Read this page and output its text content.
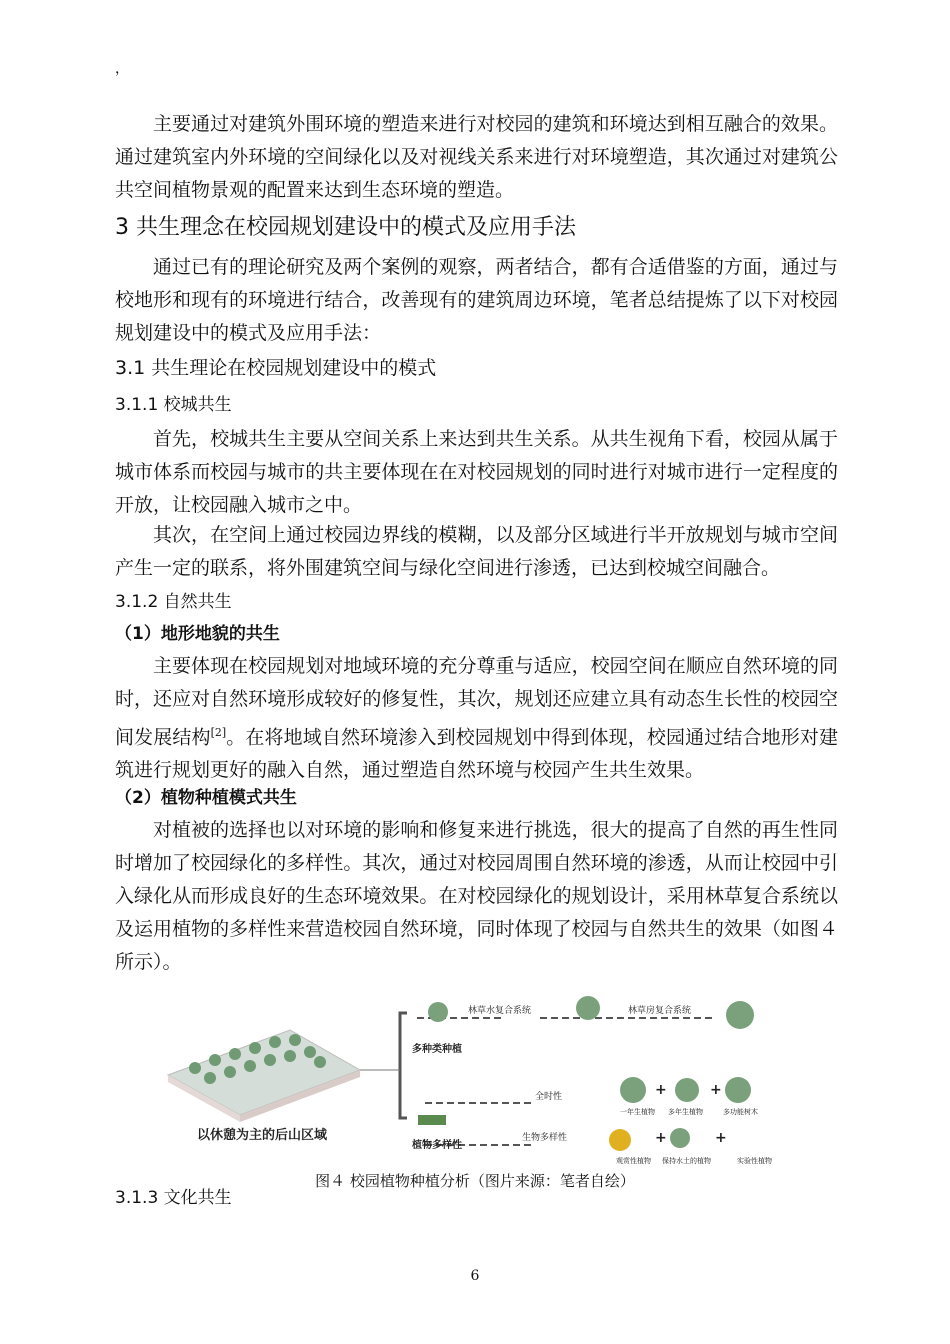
，

主要通过对建筑外围环境的塑造来进行对校园的建筑和环境达到相互融合的效果。通过建筑室内外环境的空间绿化以及对视线关系来进行对环境塑造，其次通过对建筑公共空间植物景观的配置来达到生态环境的塑造。

3 共生理念在校园规划建设中的模式及应用手法

通过已有的理论研究及两个案例的观察，两者结合，都有合适借鉴的方面，通过与校地形和现有的环境进行结合，改善现有的建筑周边环境，笔者总结提炼了以下对校园规划建设中的模式及应用手法：

3.1 共生理论在校园规划建设中的模式
3.1.1 校城共生

首先，校城共生主要从空间关系上来达到共生关系。从共生视角下看，校园从属于城市体系而校园与城市的共主要体现在在对校园规划的同时进行对城市进行一定程度的开放，让校园融入城市之中。

其次，在空间上通过校园边界线的模糊，以及部分区域进行半开放规划与城市空间产生一定的联系，将外围建筑空间与绿化空间进行渗透，已达到校城空间融合。

3.1.2 自然共生
（1）地形地貌的共生

主要体现在校园规划对地域环境的充分尊重与适应，校园空间在顺应自然环境的同时，还应对自然环境形成较好的修复性，其次，规划还应建立具有动态生长性的校园空间发展结构[2]。在将地域自然环境渗入到校园规划中得到体现，校园通过结合地形对建筑进行规划更好的融入自然，通过塑造自然环境与校园产生共生效果。

（2）植物种植模式共生

对植被的选择也以对环境的影响和修复来进行挑选，很大的提高了自然的再生性同时增加了校园绿化的多样性。其次，通过对校园周围自然环境的渗透，从而让校园中引入绿化从而形成良好的生态环境效果。在对校园绿化的规划设计，采用林草复合系统以及运用植物的多样性来营造校园自然环境，同时体现了校园与自然共生的效果（如图４所示）。

以休憩为主的后山区域
多种类种植
植物多样性
林草水复合系统	林草房复合系统
全时性
生物多样性
一年生植物 多年生植物	多功能树木
观赏性植物 保持水土的植物	实验性植物
+	+
+	+
图４ 校园植物种植分析（图片来源：笔者自绘）
3.1.3 文化共生
6
